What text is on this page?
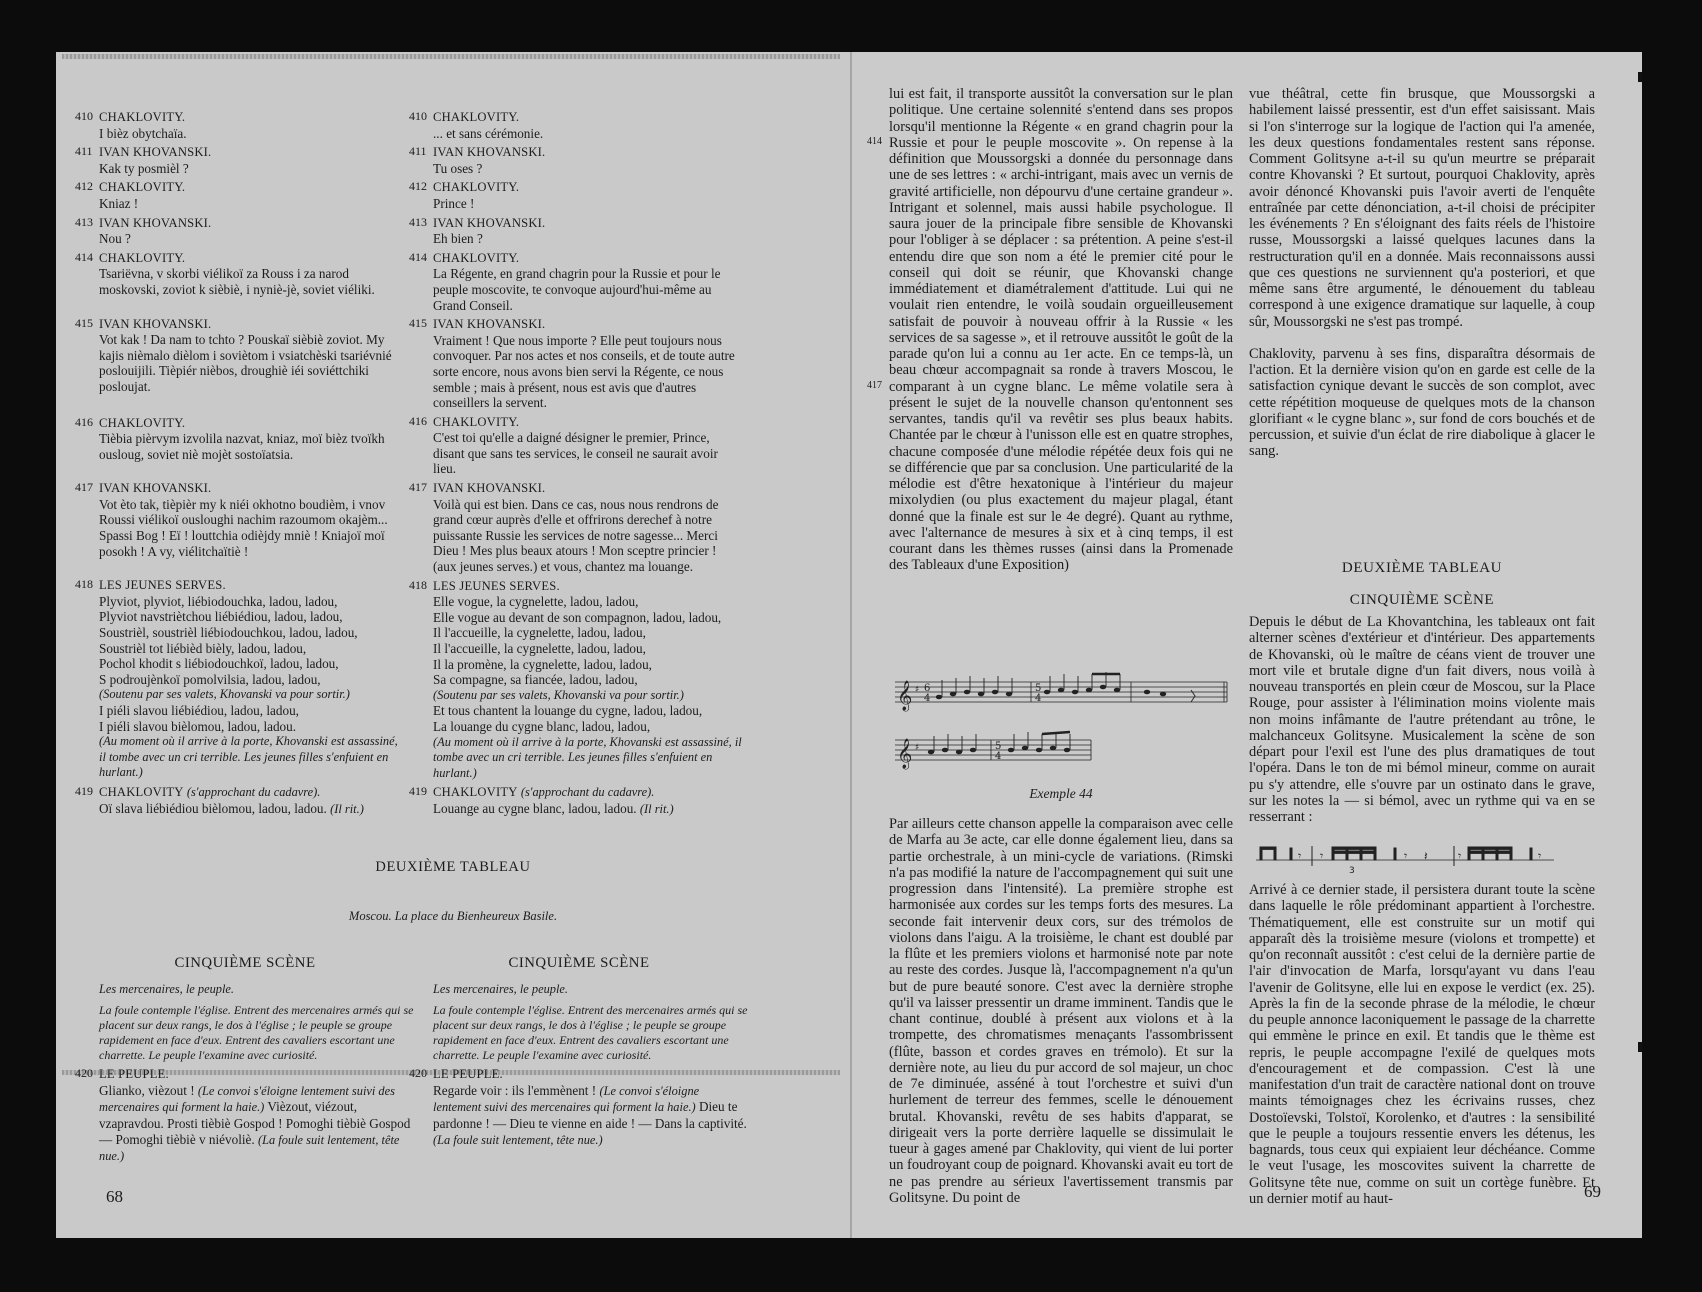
410 CHAKLOVITY.
I bièz obytchaïa.
411 IVAN KHOVANSKI.
Kak ty posmièl ?
412 CHAKLOVITY.
Kniaz !
413 IVAN KHOVANSKI.
Nou ?
414 CHAKLOVITY.
Tsariëvna, v skorbi viélikoï za Rouss i za narod moskovski, zoviot k sièbiè, i nyniè-jè, soviet viéliki.
415 IVAN KHOVANSKI.
Vot kak ! Da nam to tchto ? Pouskaï sièbiè zoviot. My kajis nièmalo dièlom i soviètom i vsiatchèski tsariévnié poslouijili. Tièpiér nièbos, droughiè iéi soviéttchiki posloujat.
416 CHAKLOVITY.
Tièbia pièrvym izvolila nazvat, kniaz, moï bièz tvoïkh ousloug, soviet niè mojèt sostoïatsia.
417 IVAN KHOVANSKI.
Vot èto tak, tièpièr my k niéi okhotno boudièm, i vnov Roussi viélikoï ousloughi nachim razoumom okajèm... Spassi Bog ! Eï ! louttchia odièjdy mniè ! Kniajoï moï posokh ! A vy, viélitchaïtiè !
418 LES JEUNES SERVES.
Plyviot, plyviot, liébiodouchka, ladou, ladou,
Plyviot navstriètchou liébiédiou, ladou, ladou,
Soustrièl, soustrièl liébiodouchkou, ladou, ladou,
Soustrièl tot liébièd bièly, ladou, ladou,
Pochol khodit s liébiodouchkoï, ladou, ladou,
S podroujènkoï pomolvilsia, ladou, ladou,
(Soutenu par ses valets, Khovanski va pour sortir.)
I piéli slavou liébiédiou, ladou, ladou,
I piéli slavou bièlomou, ladou, ladou.
(Au moment où il arrive à la porte, Khovanski est assassiné, il tombe avec un cri terrible. Les jeunes filles s'enfuient en hurlant.)
419 CHAKLOVITY (s'approchant du cadavre).
Oï slava liébiédiou bièlomou, ladou, ladou. (Il rit.)
410 CHAKLOVITY.
... et sans cérémonie.
411 IVAN KHOVANSKI.
Tu oses ?
412 CHAKLOVITY.
Prince !
413 IVAN KHOVANSKI.
Eh bien ?
414 CHAKLOVITY.
La Régente, en grand chagrin pour la Russie et pour le peuple moscovite, te convoque aujourd'hui-même au Grand Conseil.
415 IVAN KHOVANSKI.
Vraiment ! Que nous importe ? Elle peut toujours nous convoquer. Par nos actes et nos conseils, et de toute autre sorte encore, nous avons bien servi la Régente, ce nous semble ; mais à présent, nous est avis que d'autres conseillers la servent.
416 CHAKLOVITY.
C'est toi qu'elle a daigné désigner le premier, Prince, disant que sans tes services, le conseil ne saurait avoir lieu.
417 IVAN KHOVANSKI.
Voilà qui est bien. Dans ce cas, nous nous rendrons de grand cœur auprès d'elle et offrirons derechef à notre puissante Russie les services de notre sagesse... Merci Dieu ! Mes plus beaux atours ! Mon sceptre princier ! (aux jeunes serves.) et vous, chantez ma louange.
418 LES JEUNES SERVES.
Elle vogue, la cygnelette, ladou, ladou,
Elle vogue au devant de son compagnon, ladou, ladou,
Il l'accueille, la cygnelette, ladou, ladou,
Il l'accueille, la cygnelette, ladou, ladou,
Il la promène, la cygnelette, ladou, ladou,
Sa compagne, sa fiancée, ladou, ladou,
(Soutenu par ses valets, Khovanski va pour sortir.)
Et tous chantent la louange du cygne, ladou, ladou,
La louange du cygne blanc, ladou, ladou,
(Au moment où il arrive à la porte, Khovanski est assassiné, il tombe avec un cri terrible. Les jeunes filles s'enfuient en hurlant.)
419 CHAKLOVITY (s'approchant du cadavre).
Louange au cygne blanc, ladou, ladou. (Il rit.)
DEUXIÈME TABLEAU
Moscou. La place du Bienheureux Basile.
CINQUIÈME SCÈNE
Les mercenaires, le peuple.
La foule contemple l'église. Entrent des mercenaires armés qui se placent sur deux rangs, le dos à l'église ; le peuple se groupe rapidement en face d'eux. Entrent des cavaliers escortant une charrette. Le peuple l'examine avec curiosité.
420 LE PEUPLE.
Glianko, vièzout ! (Le convoi s'éloigne lentement suivi des mercenaires qui forment la haie.) Vièzout, viézout, vzapravdou. Prosti tièbiè Gospod ! Pomoghi tièbiè Gospod — Pomoghi tièbiè v niévoliè. (La foule suit lentement, tête nue.)
CINQUIÈME SCÈNE
Les mercenaires, le peuple.
La foule contemple l'église. Entrent des mercenaires armés qui se placent sur deux rangs, le dos à l'église ; le peuple se groupe rapidement en face d'eux. Entrent des cavaliers escortant une charrette. Le peuple l'examine avec curiosité.
420 LE PEUPLE.
Regarde voir : ils l'emmènent ! (Le convoi s'éloigne lentement suivi des mercenaires qui forment la haie.) Dieu te pardonne ! — Dieu te vienne en aide ! — Dans la captivité. (La foule suit lentement, tête nue.)
68
414
417

lui est fait, il transporte aussitôt la conversation sur le plan politique. Une certaine solennité s'entend dans ses propos lorsqu'il mentionne la Régente « en grand chagrin pour la Russie et pour le peuple moscovite ». On repense à la définition que Moussorgski a donnée du personnage dans une de ses lettres : « archi-intrigant, mais avec un vernis de gravité artificielle, non dépourvu d'une certaine grandeur ». Intrigant et solennel, mais aussi habile psychologue. Il saura jouer de la principale fibre sensible de Khovanski pour l'obliger à se déplacer : sa prétention. A peine s'est-il entendu dire que son nom a été le premier cité pour le conseil qui doit se réunir, que Khovanski change immédiatement et diamétralement d'attitude. Lui qui ne voulait rien entendre, le voilà soudain orgueilleusement satisfait de pouvoir à nouveau offrir à la Russie « les services de sa sagesse », et il retrouve aussitôt le goût de la parade qu'on lui a connu au 1er acte. En ce temps-là, un beau chœur accompagnait sa ronde à travers Moscou, le comparant à un cygne blanc. Le même volatile sera à présent le sujet de la nouvelle chanson qu'entonnent ses servantes, tandis qu'il va revêtir ses plus beaux habits. Chantée par le chœur à l'unisson elle est en quatre strophes, chacune composée d'une mélodie répétée deux fois qui ne se différencie que par sa conclusion. Une particularité de la mélodie est d'être hexatonique à l'intérieur du majeur mixolydien (ou plus exactement du majeur plagal, étant donné que la finale est sur le 4e degré). Quant au rythme, avec l'alternance de mesures à six et à cinq temps, il est courant dans les thèmes russes (ainsi dans la Promenade des Tableaux d'une Exposition)

𝄞
𝄞
♯
♯
6
4
5
4
5
4
Exemple 44

Par ailleurs cette chanson appelle la comparaison avec celle de Marfa au 3e acte, car elle donne également lieu, dans sa partie orchestrale, à un mini-cycle de variations. (Rimski n'a pas modifié la nature de l'accompagnement qui suit une progression dans l'intensité). La première strophe est harmonisée aux cordes sur les temps forts des mesures. La seconde fait intervenir deux cors, sur des trémolos de violons dans l'aigu. A la troisième, le chant est doublé par la flûte et les premiers violons et harmonisé note par note au reste des cordes. Jusque là, l'accompagnement n'a qu'un but de pure beauté sonore. C'est avec la dernière strophe qu'il va laisser pressentir un drame imminent. Tandis que le chant continue, doublé à présent aux violons et à la trompette, des chromatismes menaçants l'assombrissent (flûte, basson et cordes graves en trémolo). Et sur la dernière note, au lieu du pur accord de sol majeur, un choc de 7e diminuée, asséné à tout l'orchestre et suivi d'un hurlement de terreur des femmes, scelle le dénouement brutal. Khovanski, revêtu de ses habits d'apparat, se dirigeait vers la porte derrière laquelle se dissimulait le tueur à gages amené par Chaklovity, qui vient de lui porter un foudroyant coup de poignard. Khovanski avait eu tort de ne pas prendre au sérieux l'avertissement transmis par Golitsyne. Du point de

vue théâtral, cette fin brusque, que Moussorgski a habilement laissé pressentir, est d'un effet saisissant. Mais si l'on s'interroge sur la logique de l'action qui l'a amenée, les deux questions fondamentales restent sans réponse. Comment Golitsyne a-t-il su qu'un meurtre se préparait contre Khovanski ? Et surtout, pourquoi Chaklovity, après avoir dénoncé Khovanski puis l'avoir averti de l'enquête entraînée par cette dénonciation, a-t-il choisi de précipiter les événements ? En s'éloignant des faits réels de l'histoire russe, Moussorgski a laissé quelques lacunes dans la restructuration qu'il en a donnée. Mais reconnaissons aussi que ces questions ne surviennent qu'a posteriori, et que même sans être argumenté, le dénouement du tableau correspond à une exigence dramatique sur laquelle, à coup sûr, Moussorgski ne s'est pas trompé.

Chaklovity, parvenu à ses fins, disparaîtra désormais de l'action. Et la dernière vision qu'on en garde est celle de la satisfaction cynique devant le succès de son complot, avec cette répétition moqueuse de quelques mots de la chanson glorifiant « le cygne blanc », sur fond de cors bouchés et de percussion, et suivie d'un éclat de rire diabolique à glacer le sang.

DEUXIÈME TABLEAU
CINQUIÈME SCÈNE

Depuis le début de La Khovantchina, les tableaux ont fait alterner scènes d'extérieur et d'intérieur. Des appartements de Khovanski, où le maître de céans vient de trouver une mort vile et brutale digne d'un fait divers, nous voilà à nouveau transportés en plein cœur de Moscou, sur la Place Rouge, pour assister à l'élimination moins violente mais non moins infâmante de l'autre prétendant au trône, le malchanceux Golitsyne. Musicalement la scène de son départ pour l'exil est l'une des plus dramatiques de tout l'opéra. Dans le ton de mi bémol mineur, comme on aurait pu s'y attendre, elle s'ouvre par un ostinato dans le grave, sur les notes la — si bémol, avec un rythme qui va en se resserrant :

𝄾 𝄾	𝄾 𝄽	𝄾	𝄾
3

Arrivé à ce dernier stade, il persistera durant toute la scène dans laquelle le rôle prédominant appartient à l'orchestre. Thématiquement, elle est construite sur un motif qui apparaît dès la troisième mesure (violons et trompette) et qu'on reconnaît aussitôt : c'est celui de la dernière partie de l'air d'invocation de Marfa, lorsqu'ayant vu dans l'eau l'avenir de Golitsyne, elle lui en expose le verdict (ex. 25). Après la fin de la seconde phrase de la mélodie, le chœur du peuple annonce laconiquement le passage de la charrette qui emmène le prince en exil. Et tandis que le thème est repris, le peuple accompagne l'exilé de quelques mots d'encouragement et de compassion. C'est là une manifestation d'un trait de caractère national dont on trouve maints témoignages chez les écrivains russes, chez Dostoïevski, Tolstoï, Korolenko, et d'autres : la sensibilité que le peuple a toujours ressentie envers les détenus, les bagnards, tous ceux qui expiaient leur déchéance. Comme le veut l'usage, les moscovites suivent la charrette de Golitsyne tête nue, comme on suit un cortège funèbre. Et un dernier motif au haut-	69
